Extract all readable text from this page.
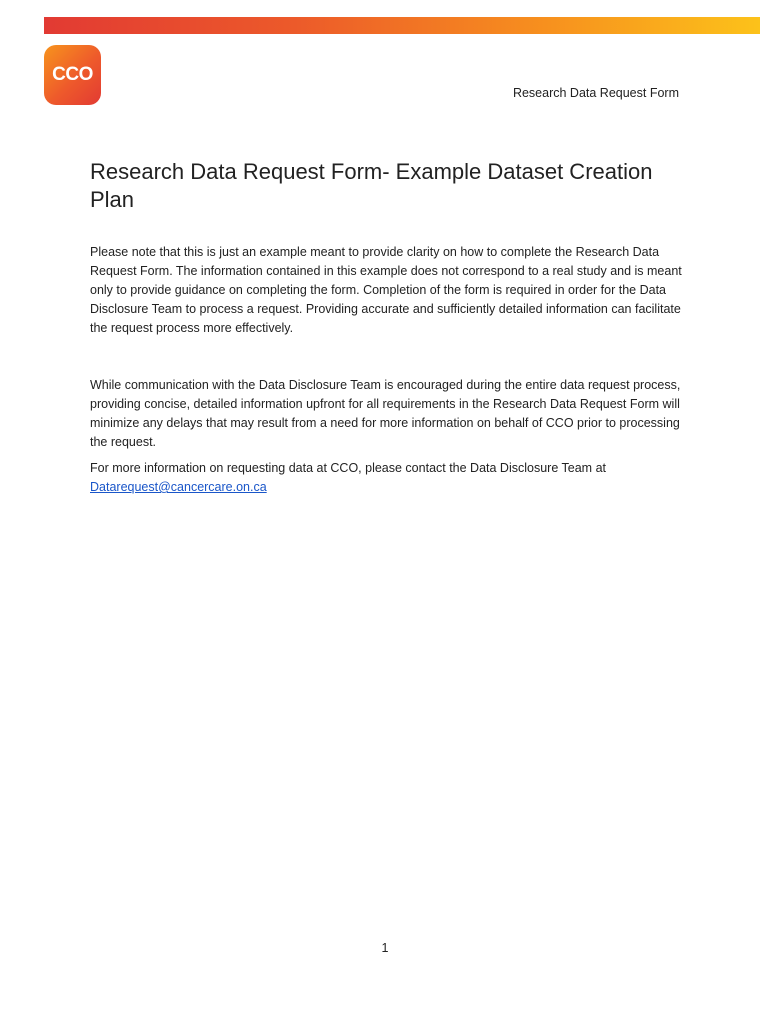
CCO
Research Data Request Form
Research Data Request Form- Example Dataset Creation Plan

Please note that this is just an example meant to provide clarity on how to complete the Research Data Request Form. The information contained in this example does not correspond to a real study and is meant only to provide guidance on completing the form. Completion of the form is required in order for the Data Disclosure Team to process a request. Providing accurate and sufficiently detailed information can facilitate the request process more effectively.

While communication with the Data Disclosure Team is encouraged during the entire data request process, providing concise, detailed information upfront for all requirements in the Research Data Request Form will minimize any delays that may result from a need for more information on behalf of CCO prior to processing the request.

For more information on requesting data at CCO, please contact the Data Disclosure Team at
Datarequest@cancercare.on.ca

1
